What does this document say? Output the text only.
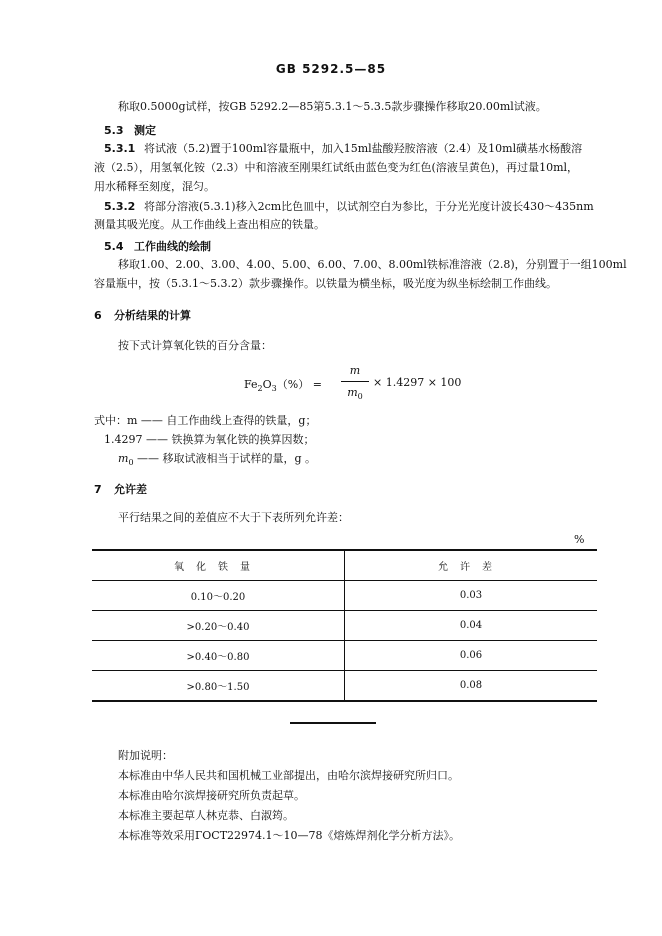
GB 5292.5—85
称取0.5000g试样，按GB 5292.2—85第5.3.1～5.3.5款步骤操作移取20.00ml试液。
5.3 测定
5.3.1 将试液（5.2)置于100ml容量瓶中，加入15ml盐酸羟胺溶液（2.4）及10ml磺基水杨酸溶
液（2.5），用氢氧化铵（2.3）中和溶液至刚果红试纸由蓝色变为红色(溶液呈黄色)，再过量10ml，
用水稀释至刻度，混匀。
5.3.2 将部分溶液(5.3.1)移入2cm比色皿中，以试剂空白为参比，于分光光度计波长430～435nm
测量其吸光度。从工作曲线上查出相应的铁量。
5.4 工作曲线的绘制
移取1.00、2.00、3.00、4.00、5.00、6.00、7.00、8.00ml铁标准溶液（2.8)，分别置于一组100ml
容量瓶中，按（5.3.1～5.3.2）款步骤操作。以铁量为横坐标，吸光度为纵坐标绘制工作曲线。
6 分析结果的计算
按下式计算氧化铁的百分含量：
$Fe_2O_3(\%)$ =
m
$m_0$
× 1.4297 × 100
式中：m —— 自工作曲线上查得的铁量，g；
1.4297 —— 铁换算为氧化铁的换算因数；
$m_0$ —— 移取试液相当于试样的量，g 。
7 允许差
平行结果之间的差值应不大于下表所列允许差：
%
氧化铁量	允许差
0.10～0.20	0.03
>0.20～0.40	0.04
>0.40～0.80	0.06
>0.80～1.50	0.08
附加说明：
本标准由中华人民共和国机械工业部提出，由哈尔滨焊接研究所归口。
本标准由哈尔滨焊接研究所负责起草。
本标准主要起草人林克恭、白淑筠。
本标准等效采用ГОСТ22974.1～10—78《熔炼焊剂化学分析方法》。
